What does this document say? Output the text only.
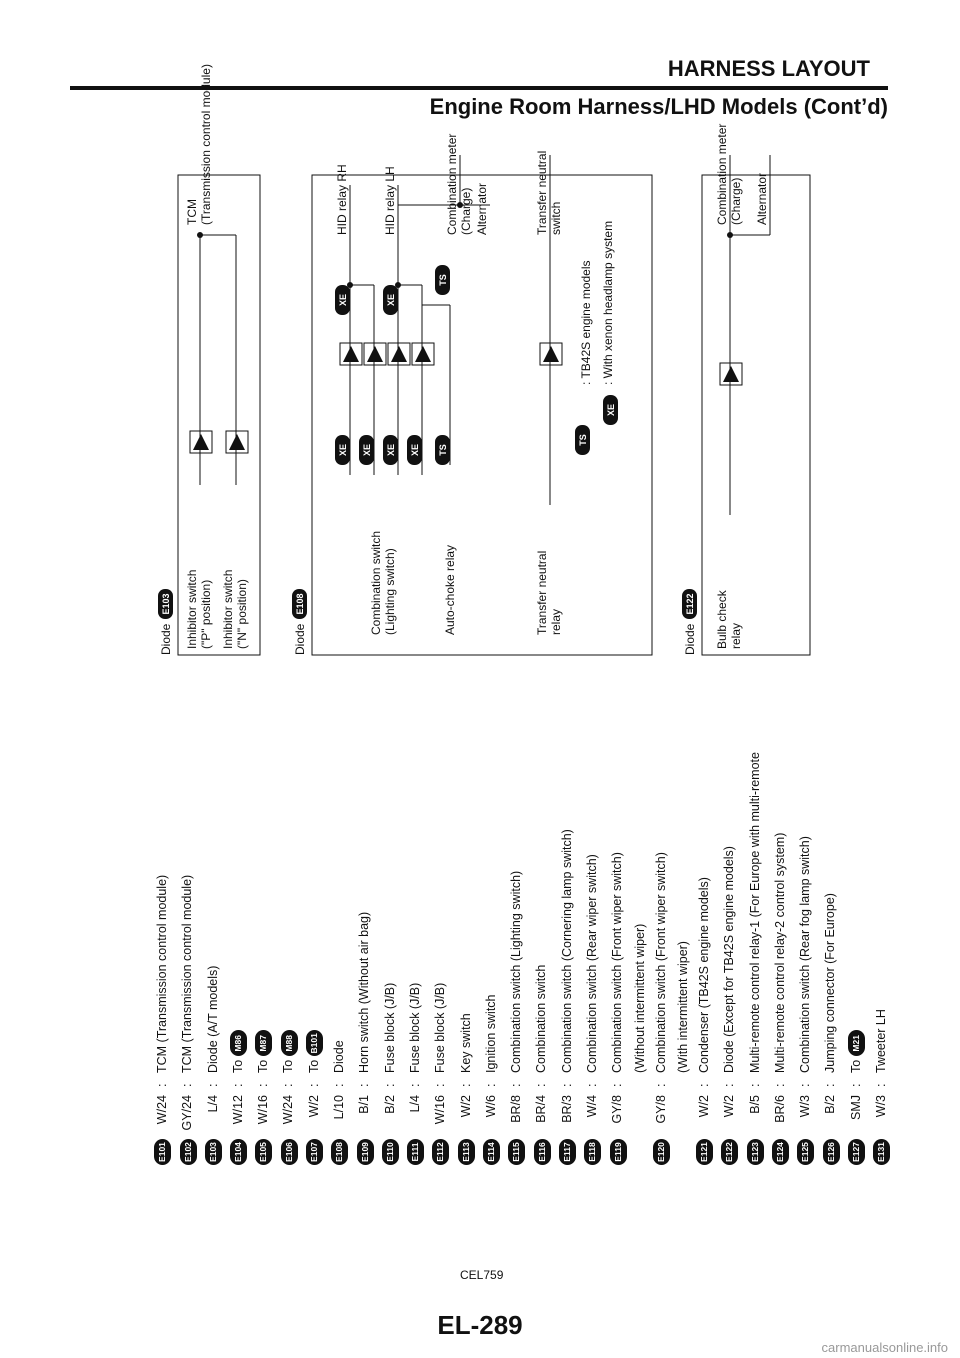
HARNESS LAYOUT
Engine Room Harness/LHD Models (Cont’d)
E101
W/24
:
TCM (Transmission control module)
E102
GY/24
:
TCM (Transmission control module)
E103
L/4
:
Diode (A/T models)
E104
W/12
:
To M86
E105
W/16
:
To M87
E106
W/24
:
To M88
E107
W/2
:
To B101
E108
L/10
:
Diode
E109
B/1
:
Horn switch (Without air bag)
E110
B/2
:
Fuse block (J/B)
E111
L/4
:
Fuse block (J/B)
E112
W/16
:
Fuse block (J/B)
E113
W/2
:
Key switch
E114
W/6
:
Ignition switch
E115
BR/8
:
Combination switch (Lighting switch)
E116
BR/4
:
Combination switch
E117
BR/3
:
Combination switch (Cornering lamp switch)
E118
W/4
:
Combination switch (Rear wiper switch)
E119
GY/8
:
Combination switch (Front wiper switch) (Without intermittent wiper)
E120
GY/8
:
Combination switch (Front wiper switch) (With intermittent wiper)
E121
W/2
:
Condenser (TB42S engine models)
E122
W/2
:
Diode (Except for TB42S engine models)
E123
B/5
:
Multi-remote control relay-1 (For Europe with multi-remote
E124
BR/6
:
Multi-remote control relay-2 control system)
E125
W/3
:
Combination switch (Rear fog lamp switch)
E126
B/2
:
Jumping connector (For Europe)
E127
SMJ
:
To M21
E131
W/3
:
Tweeter LH
Diode Inhibitor switch ("P" position) Inhibitor switch ("N" position)
TCM (Transmission control module)
Diode
Combination switch (Lighting switch)	Auto-choke relay	Transfer neutral relay
HID relay RH	HID relay LH	Combination meter (Charge) Alternator	Transfer neutral switch
: TB42S engine models : With xenon headlamp system
Diode Bulb check relay
Combination meter (Charge) Alternator
E103	E108	E122
XE XE XE XE
XE	XE
TS
TS
TS
XE
CEL759
EL-289
carmanualsonline.info
